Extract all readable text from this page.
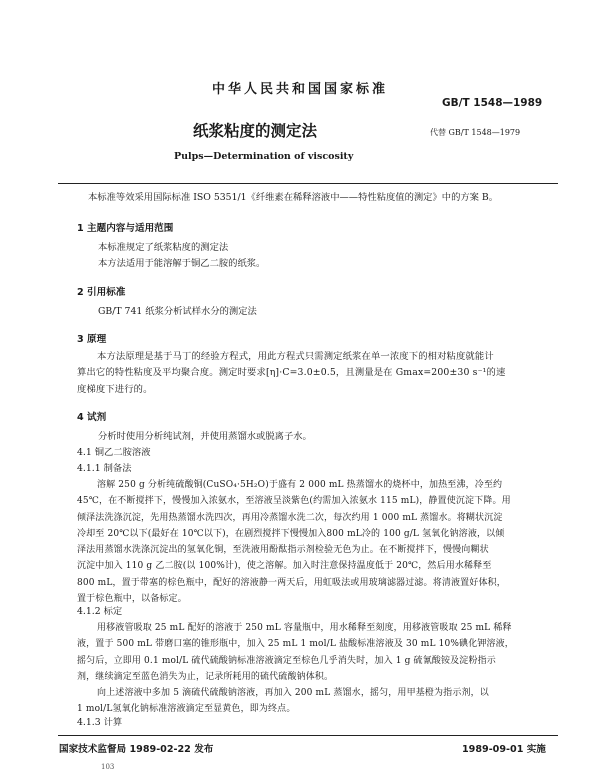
中华人民共和国国家标准
GB/T 1548—1989
纸浆粘度的测定法	代替 GB/T 1548—1979
Pulps—Determination of viscosity
本标准等效采用国际标准 ISO 5351/1《纤维素在稀释溶液中——特性粘度值的测定》中的方案 B。
1 主题内容与适用范围
本标准规定了纸浆粘度的测定法
本方法适用于能溶解于铜乙二胺的纸浆。
2 引用标准
GB/T 741 纸浆分析试样水分的测定法
3 原理
本方法原理是基于马丁的经验方程式，用此方程式只需测定纸浆在单一浓度下的相对粘度就能计
算出它的特性粘度及平均聚合度。测定时要求[η]·C=3.0±0.5，且测量是在 Gmax=200±30 s⁻¹的速
度梯度下进行的。
4 试剂
分析时使用分析纯试剂，并使用蒸馏水或脱离子水。
4.1 铜乙二胺溶液
4.1.1 制备法
溶解 250 g 分析纯硫酸铜(CuSO₄·5H₂O)于盛有 2 000 mL 热蒸馏水的烧杯中，加热至沸，冷至约
45℃，在不断搅拌下，慢慢加入浓氨水，至溶液呈淡紫色(约需加入浓氨水 115 mL)，静置使沉淀下降。用
倾泽法洗涤沉淀，先用热蒸馏水洗四次，再用冷蒸馏水洗二次，每次约用 1 000 mL 蒸馏水。将糊状沉淀
冷却至 20℃以下(最好在 10℃以下)，在剧烈搅拌下慢慢加入800 mL冷的 100 g/L 氢氧化钠溶液，以倾
泽法用蒸馏水洗涤沉淀出的氢氧化铜，至洗液用酚酞指示剂检验无色为止。在不断搅拌下，慢慢向糊状
沉淀中加入 110 g 乙二胺(以 100%计)，使之溶解。加入时注意保持温度低于 20℃，然后用水稀释至
800 mL，置于带塞的棕色瓶中，配好的溶液静一两天后，用虹吸法或用玻璃滤器过滤。将清液置好体积，
置于棕色瓶中，以备标定。
4.1.2 标定
用移液管吸取 25 mL 配好的溶液于 250 mL 容量瓶中，用水稀释至刻度，用移液管吸取 25 mL 稀释
液，置于 500 mL 带磨口塞的锥形瓶中，加入 25 mL 1 mol/L 盐酸标准溶液及 30 mL 10%碘化钾溶液，
摇匀后，立即用 0.1 mol/L 硫代硫酸钠标准溶液滴定至棕色几乎消失时，加入 1 g 硫氰酸铵及淀粉指示
剂，继续滴定至蓝色消失为止，记录所耗用的硫代硫酸钠体积。
向上述溶液中多加 5 滴硫代硫酸钠溶液，再加入 200 mL 蒸馏水，摇匀，用甲基橙为指示剂，以
1 mol/L氢氧化钠标准溶液滴定至显黄色，即为终点。
4.1.3 计算
国家技术监督局 1989-02-22 发布	1989-09-01 实施
103
